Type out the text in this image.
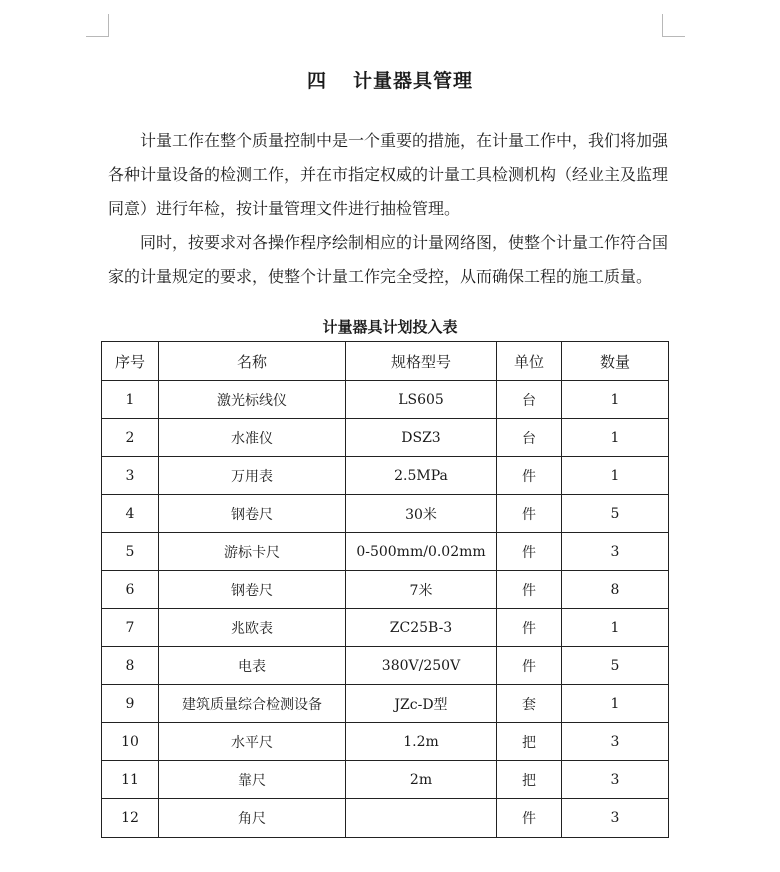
四 计量器具管理

计量工作在整个质量控制中是一个重要的措施，在计量工作中，我们将加强各种计量设备的检测工作，并在市指定权威的计量工具检测机构（经业主及监理同意）进行年检，按计量管理文件进行抽检管理。

同时，按要求对各操作程序绘制相应的计量网络图，使整个计量工作符合国家的计量规定的要求，使整个计量工作完全受控，从而确保工程的施工质量。

计量器具计划投入表
序号	名称	规格型号	单位	数量
1	激光标线仪	LS605	台	1
2	水准仪	DSZ3	台	1
3	万用表	2.5MPa	件	1
4	钢卷尺	30米	件	5
5	游标卡尺	0-500mm/0.02mm	件	3
6	钢卷尺	7米	件	8
7	兆欧表	ZC25B-3	件	1
8	电表	380V/250V	件	5
9	建筑质量综合检测设备	JZc-D型	套	1
10	水平尺	1.2m	把	3
11	靠尺	2m	把	3
12	角尺		件	3
